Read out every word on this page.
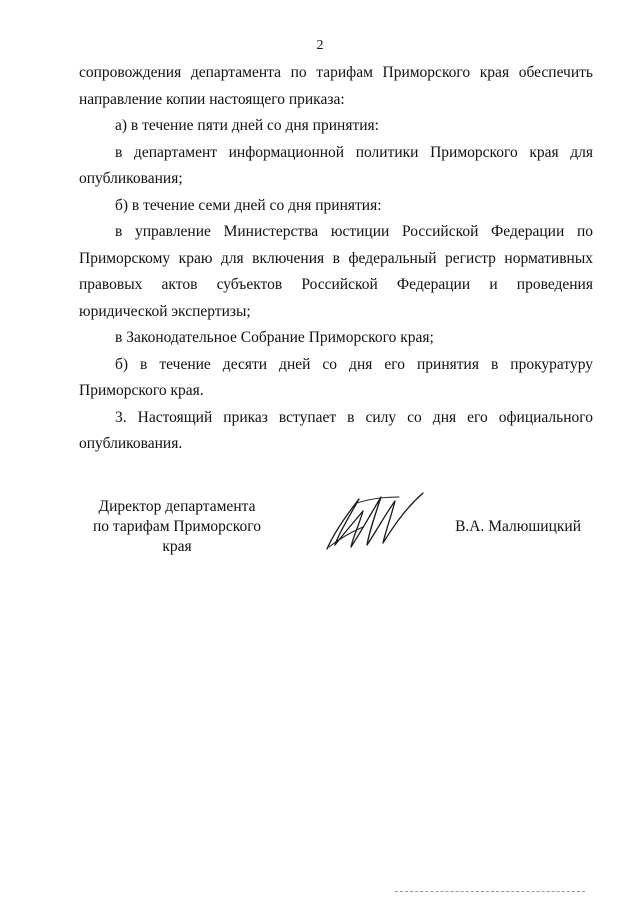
2

сопровождения департамента по тарифам Приморского края обеспечить направление копии настоящего приказа:

а) в течение пяти дней со дня принятия:

в департамент информационной политики Приморского края для опубликования;

б) в течение семи дней со дня принятия:

в управление Министерства юстиции Российской Федерации по Приморскому краю для включения в федеральный регистр нормативных правовых актов субъектов Российской Федерации и проведения юридической экспертизы;

в Законодательное Собрание Приморского края;

б) в течение десяти дней со дня его принятия в прокуратуру Приморского края.

3. Настоящий приказ вступает в силу со дня его официального опубликования.

Директор департамента
по тарифам Приморского края
В.А. Малюшицкий
